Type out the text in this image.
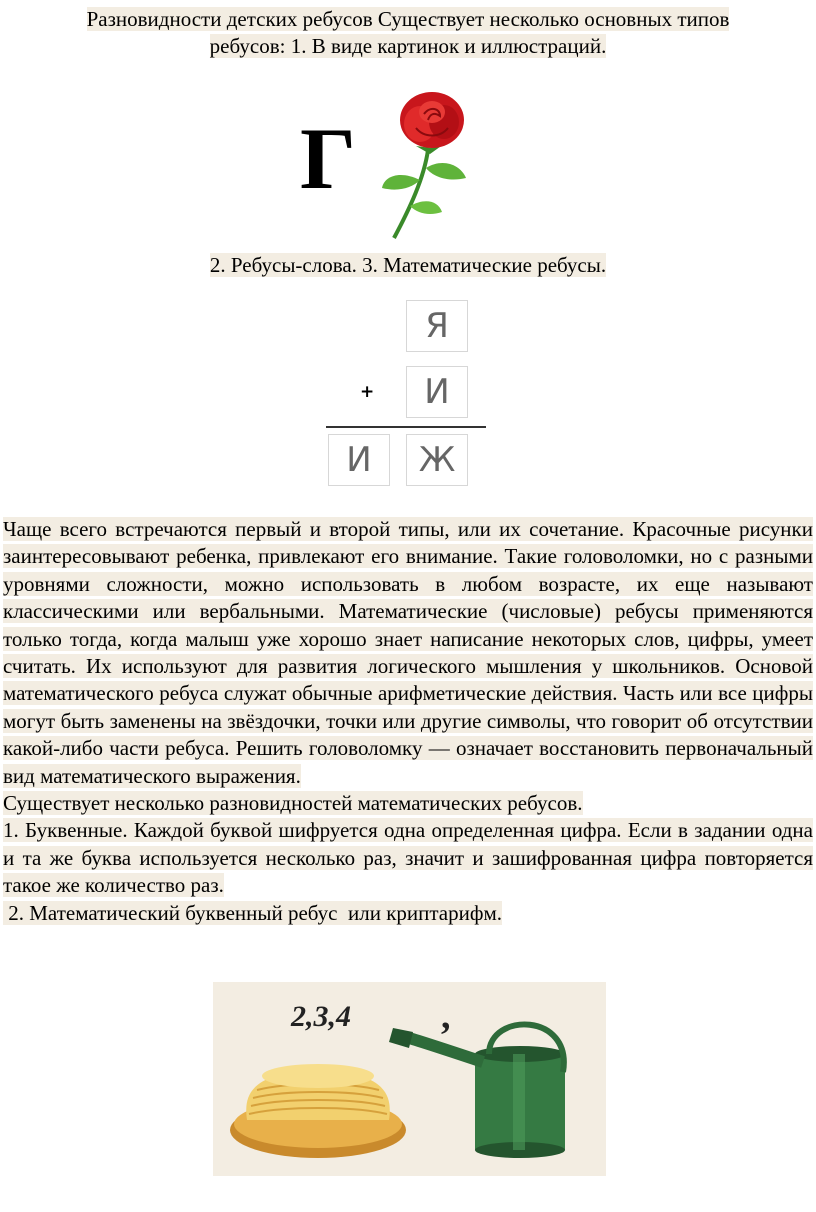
Разновидности детских ребусов Существует несколько основных типов
ребусов: 1. В виде картинок и иллюстраций.
Г
2. Ребусы-слова. 3. Математические ребусы.
Я
+	И
И	Ж

Чаще всего встречаются первый и второй типы, или их сочетание. Красочные рисунки заинтересовывают ребенка, привлекают его внимание. Такие головоломки, но с разными уровнями сложности, можно использовать в любом возрасте, их еще называют классическими или вербальными. Математические (числовые) ребусы применяются только тогда, когда малыш уже хорошо знает написание некоторых слов, цифры, умеет считать. Их используют для развития логического мышления у школьников. Основой математического ребуса служат обычные арифметические действия. Часть или все цифры могут быть заменены на звёздочки, точки или другие символы, что говорит об отсутствии какой-либо части ребуса. Решить головоломку — означает восстановить первоначальный вид математического выражения.

Существует несколько разновидностей математических ребусов.

1. Буквенные. Каждой буквой шифруется одна определенная цифра. Если в задании одна и та же буква используется несколько раз, значит и зашифрованная цифра повторяется такое же количество раз.

2. Математический буквенный ребус  или криптарифм.

2,3,4 ,
